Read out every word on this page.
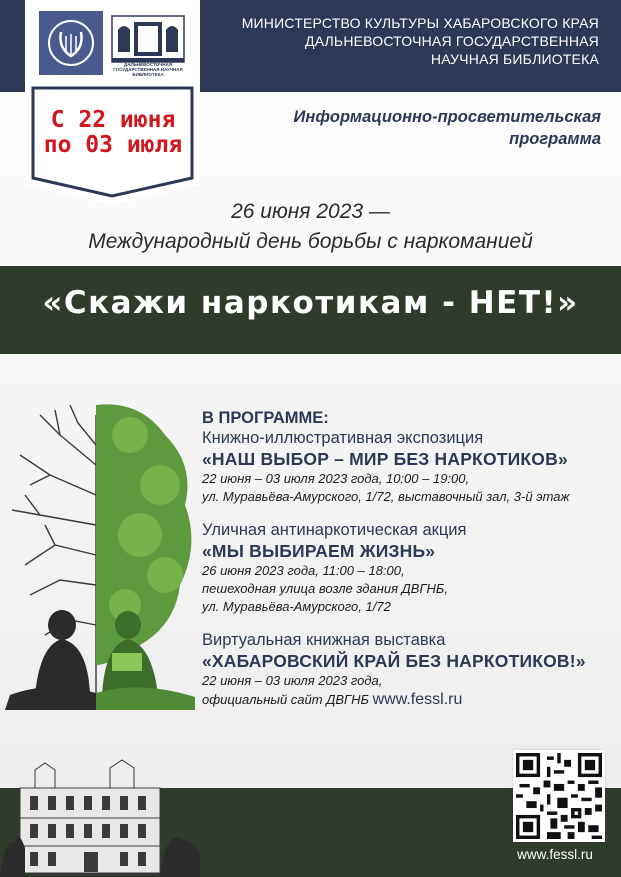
ДАЛЬНЕВОСТОЧНАЯ ГОСУДАРСТВЕННАЯ НАУЧНАЯ БИБЛИОТЕКА
МИНИСТЕРСТВО КУЛЬТУРЫ ХАБАРОВСКОГО КРАЯ
ДАЛЬНЕВОСТОЧНАЯ ГОСУДАРСТВЕННАЯ
НАУЧНАЯ БИБЛИОТЕКА
С 22 июня
по 03 июля
Информационно-просветительская
программа
26 июня 2023 —
Международный день борьбы с наркоманией
«Скажи наркотикам - НЕТ!»
В ПРОГРАММЕ:
Книжно-иллюстративная экспозиция
«НАШ ВЫБОР – МИР БЕЗ НАРКОТИКОВ»
22 июня – 03 июля 2023 года, 10:00 – 19:00,
ул. Муравьёва-Амурского, 1/72, выставочный зал, 3-й этаж
Уличная антинаркотическая акция
«МЫ ВЫБИРАЕМ ЖИЗНЬ»
26 июня 2023 года, 11:00 – 18:00,
пешеходная улица возле здания ДВГНБ,
ул. Муравьёва-Амурского, 1/72
Виртуальная книжная выставка
«ХАБАРОВСКИЙ КРАЙ БЕЗ НАРКОТИКОВ!»
22 июня – 03 июля 2023 года,
официальный сайт ДВГНБ www.fessl.ru
www.fessl.ru
